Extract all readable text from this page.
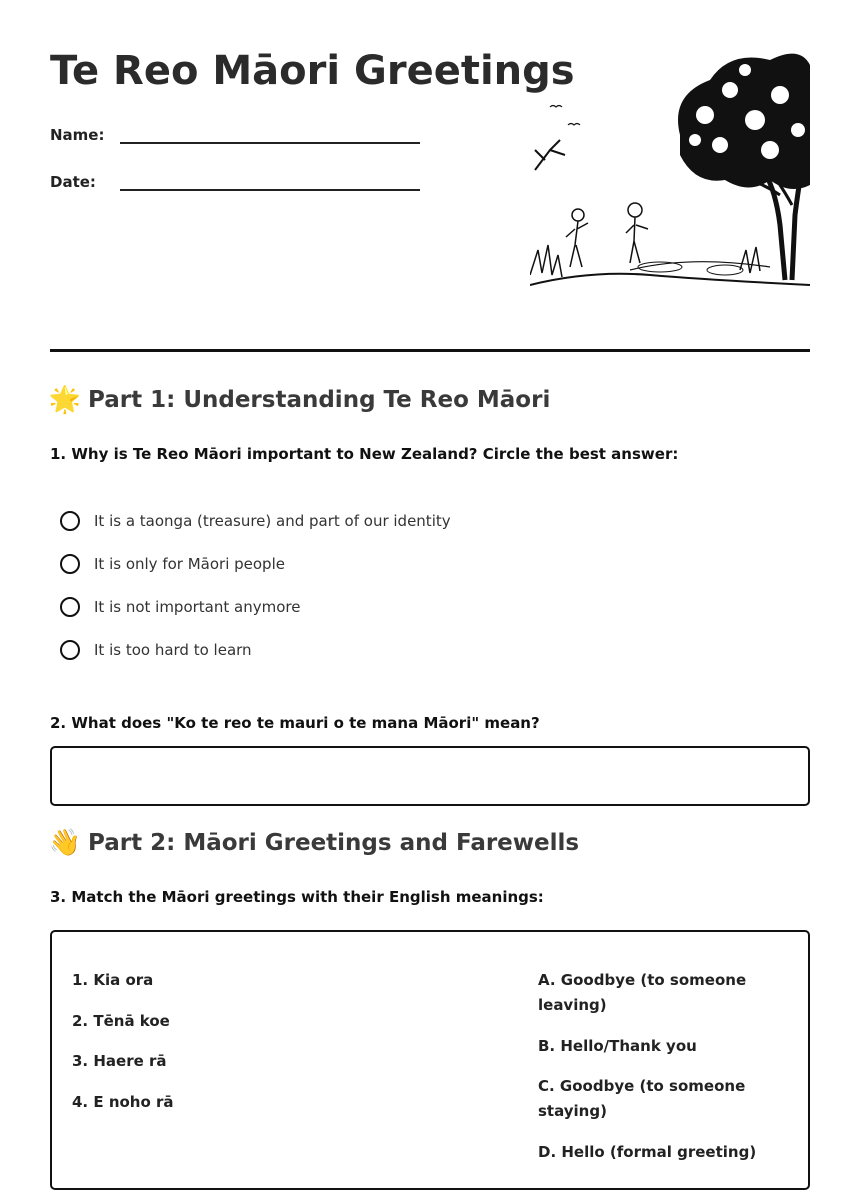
Te Reo Māori Greetings
Name:
Date:
🌟 Part 1: Understanding Te Reo Māori
1. Why is Te Reo Māori important to New Zealand? Circle the best answer:
It is a taonga (treasure) and part of our identity
It is only for Māori people
It is not important anymore
It is too hard to learn
2. What does "Ko te reo te mauri o te mana Māori" mean?
👋 Part 2: Māori Greetings and Farewells
3. Match the Māori greetings with their English meanings:
1. Kia ora
2. Tēnā koe
3. Haere rā
4. E noho rā
A. Goodbye (to someone leaving)
B. Hello/Thank you
C. Goodbye (to someone staying)
D. Hello (formal greeting)
